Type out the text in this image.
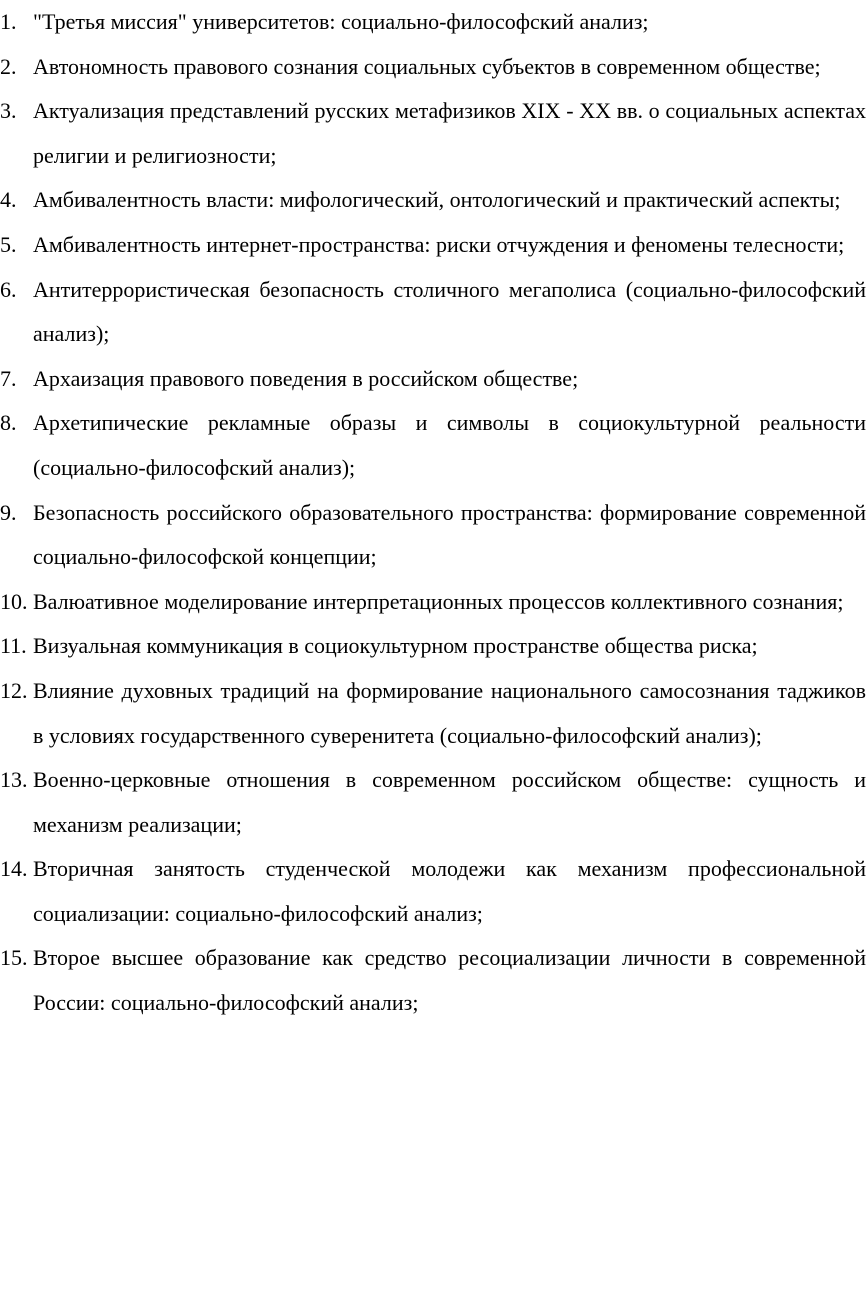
1. "Третья миссия" университетов: социально-философский анализ;
2. Автономность правового сознания социальных субъектов в современном обществе;
3. Актуализация представлений русских метафизиков XIX - XX вв. о социальных аспектах религии и религиозности;
4. Амбивалентность власти: мифологический, онтологический и практический аспекты;
5. Амбивалентность интернет-пространства: риски отчуждения и феномены телесности;
6. Антитеррористическая безопасность столичного мегаполиса (социально-философский анализ);
7. Архаизация правового поведения в российском обществе;
8. Архетипические рекламные образы и символы в социокультурной реальности (социально-философский анализ);
9. Безопасность российского образовательного пространства: формирование современной социально-философской концепции;
10. Валюативное моделирование интерпретационных процессов коллективного сознания;
11. Визуальная коммуникация в социокультурном пространстве общества риска;
12. Влияние духовных традиций на формирование национального самосознания таджиков в условиях государственного суверенитета (социально-философский анализ);
13. Военно-церковные отношения в современном российском обществе: сущность и механизм реализации;
14. Вторичная занятость студенческой молодежи как механизм профессиональной социализации: социально-философский анализ;
15. Второе высшее образование как средство ресоциализации личности в современной России: социально-философский анализ;
